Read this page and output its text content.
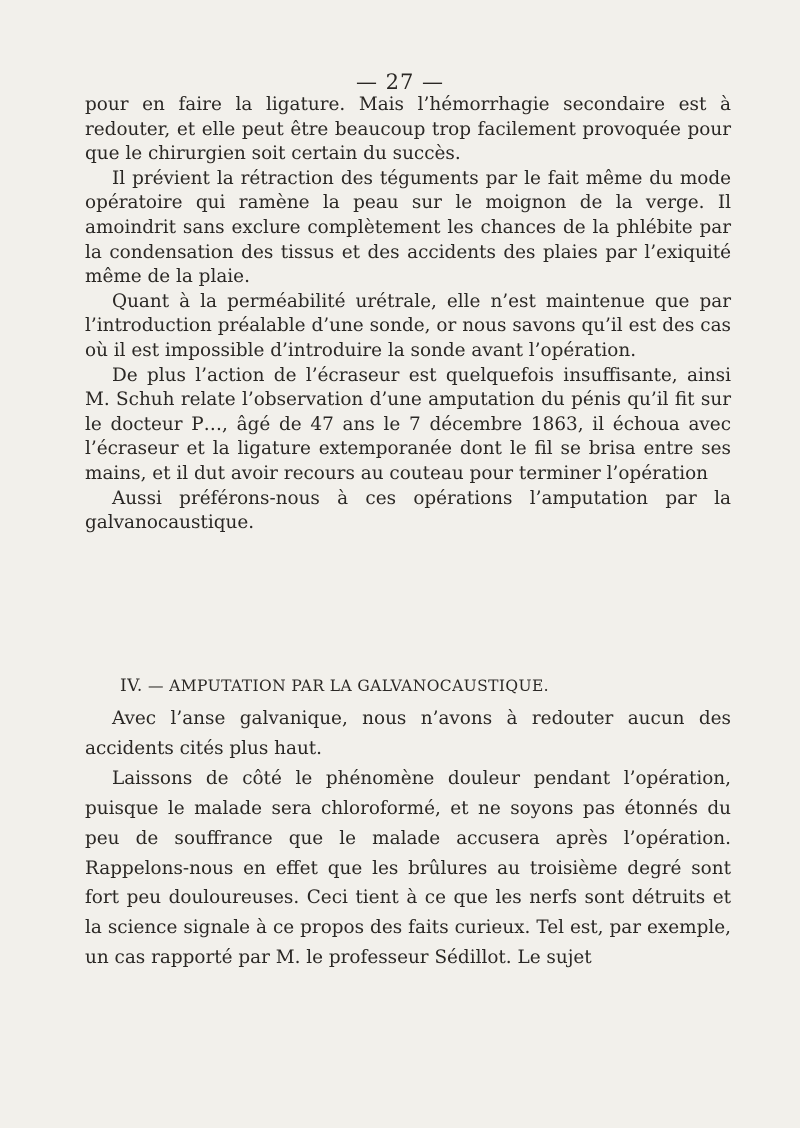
— 27 —

pour en faire la ligature. Mais l’hémorrhagie secondaire est à redouter, et elle peut être beaucoup trop facilement provoquée pour que le chirurgien soit certain du succès.

Il prévient la rétraction des téguments par le fait même du mode opératoire qui ramène la peau sur le moignon de la verge. Il amoindrit sans exclure complètement les chances de la phlébite par la condensation des tissus et des accidents des plaies par l’exiquité même de la plaie.

Quant à la perméabilité urétrale, elle n’est maintenue que par l’introduction préalable d’une sonde, or nous savons qu’il est des cas où il est impossible d’introduire la sonde avant l’opération.

De plus l’action de l’écraseur est quelquefois insuffisante, ainsi M. Schuh relate l’observation d’une amputation du pénis qu’il fit sur le docteur P…, âgé de 47 ans le 7 décembre 1863, il échoua avec l’écraseur et la ligature extemporanée dont le fil se brisa entre ses mains, et il dut avoir recours au couteau pour terminer l’opération

Aussi préférons-nous à ces opérations l’amputation par la galvanocaustique.

IV. — AMPUTATION PAR LA GALVANOCAUSTIQUE.

Avec l’anse galvanique, nous n’avons à redouter aucun des accidents cités plus haut.

Laissons de côté le phénomène douleur pendant l’opération, puisque le malade sera chloroformé, et ne soyons pas étonnés du peu de souffrance que le malade accusera après l’opération. Rappelons-nous en effet que les brûlures au troisième degré sont fort peu douloureuses. Ceci tient à ce que les nerfs sont détruits et la science signale à ce propos des faits curieux. Tel est, par exemple, un cas rapporté par M. le professeur Sédillot. Le sujet
